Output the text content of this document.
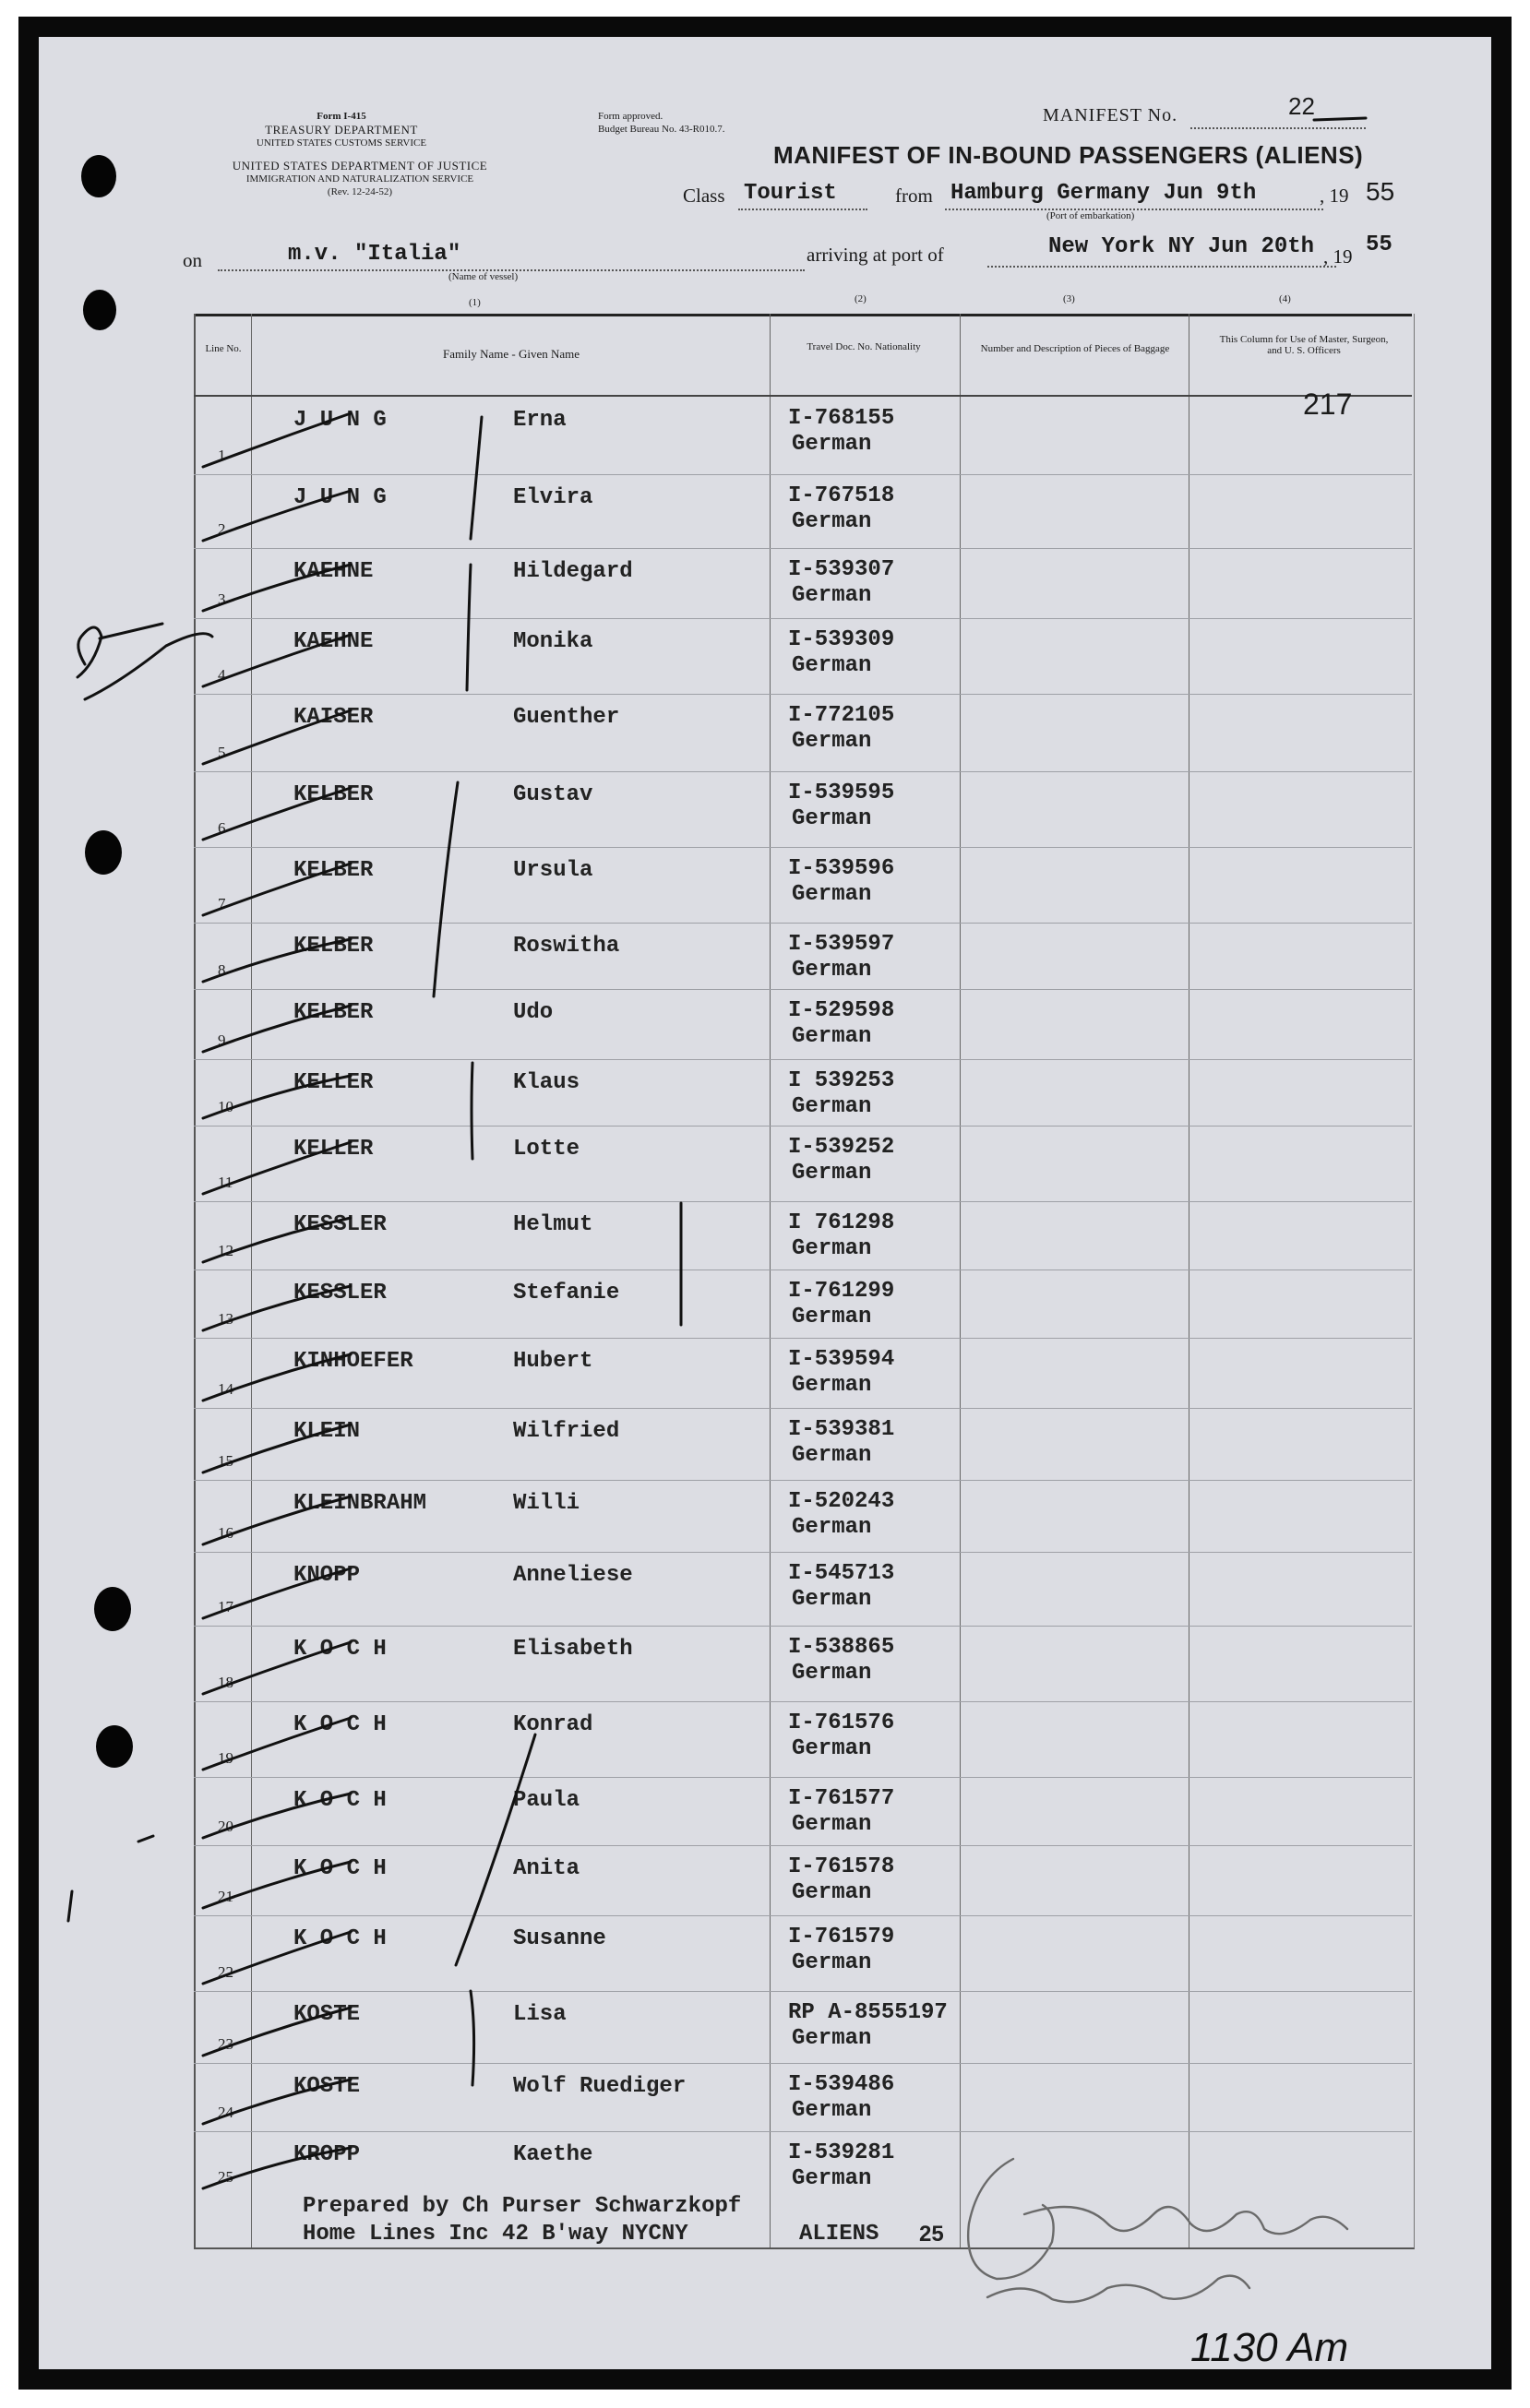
Form I-415
TREASURY DEPARTMENT
UNITED STATES CUSTOMS SERVICE
UNITED STATES DEPARTMENT OF JUSTICE
IMMIGRATION AND NATURALIZATION SERVICE
(Rev. 12-24-52)
Form approved.
Budget Bureau No. 43-R010.7.
MANIFEST No.	22
MANIFEST OF IN-BOUND PASSENGERS (ALIENS)
Class Tourist	from Hamburg Germany Jun 9th	, 19 55
(Port of embarkation)
on	m.v. "Italia"	arriving at port of	New York NY Jun 20th , 19 55
(Name of vessel)
(1)	(2)	(3)	(4)
Line No.	Family Name - Given Name	Travel Doc. No. Nationality	Number and Description of Pieces of Baggage
This Column for Use of Master, Surgeon, and U. S. Officers
217
1
J U N G	Erna	I-768155
German
2
J U N G	Elvira	I-767518
German
3
KAEHNE	Hildegard	I-539307
German
4
KAEHNE	Monika	I-539309
German
5
KAISER	Guenther	I-772105
German
6
KELBER	Gustav	I-539595
German
7
KELBER	Ursula	I-539596
German
8
KELBER	Roswitha	I-539597
German
9
KELBER	Udo	I-529598
German
10
KELLER	Klaus	I 539253
German
11
KELLER	Lotte	I-539252
German
12
KESSLER	Helmut	I 761298
German
13
KESSLER	Stefanie	I-761299
German
14
KINHOEFER	Hubert	I-539594
German
15
KLEIN	Wilfried	I-539381
German
16
KLEINBRAHM	Willi	I-520243
German
17
KNOPP	Anneliese	I-545713
German
18
K O C H	Elisabeth	I-538865
German
19
K O C H	Konrad	I-761576
German
20
K O C H	Paula	I-761577
German
21
K O C H	Anita	I-761578
German
22
K O C H	Susanne	I-761579
German
23
KOSTE	Lisa	RP A-8555197
German
24
KOSTE	Wolf Ruediger	I-539486
German
25
KROPP	Kaethe	I-539281
German
Prepared by Ch Purser Schwarzkopf
Home Lines Inc 42 B'way NYCNY	ALIENS 25
1130 Am
